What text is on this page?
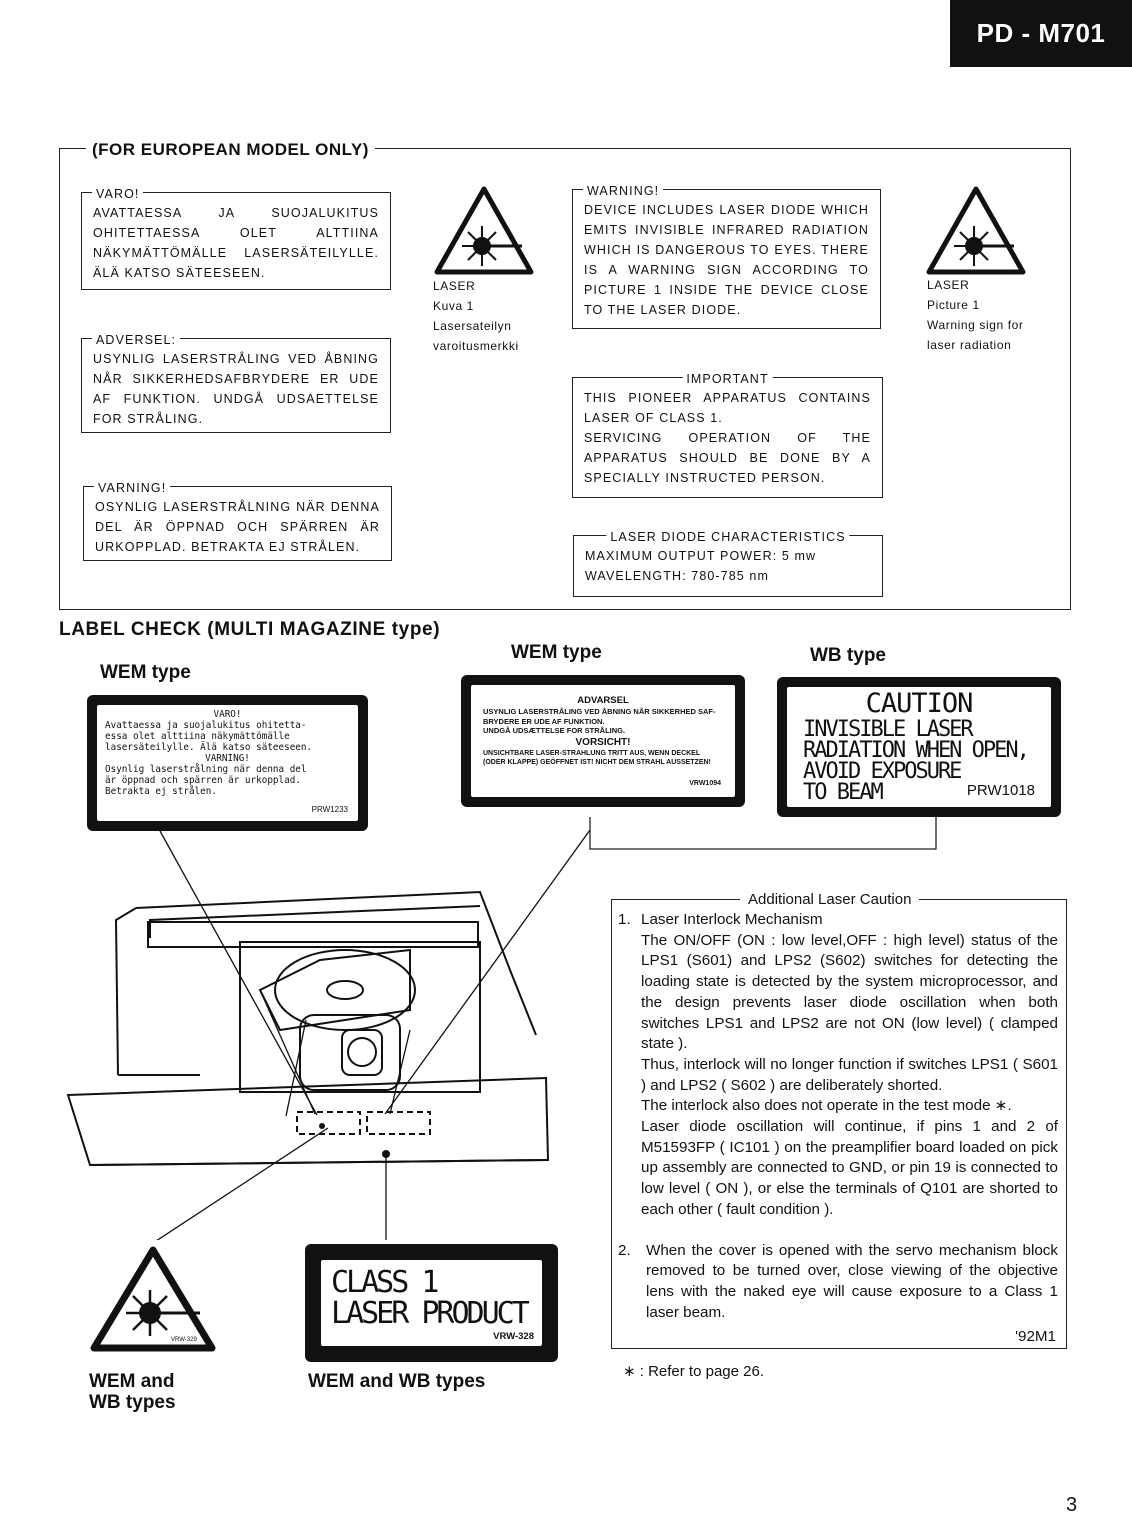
PD - M701
(FOR EUROPEAN MODEL ONLY)
VARO!

AVATTAESSA JA SUOJALUKITUS OHITETTAESSA OLET ALTTIINA NÄKYMÄTTÖMÄLLE LASERSÄTEILYLLE. ÄLÄ KATSO SÄTEESEEN.

ADVERSEL:

USYNLIG LASERSTRÅLING VED ÅBNING NÅR SIKKERHEDSAFBRYDERE ER UDE AF FUNKTION. UNDGÅ UDSAETTELSE FOR STRÅLING.

VARNING!

OSYNLIG LASERSTRÅLNING NÄR DENNA DEL ÄR ÖPPNAD OCH SPÄRREN ÄR URKOPPLAD. BETRAKTA EJ STRÅLEN.

LASER
Kuva 1
Lasersateilyn
varoitusmerkki
WARNING!

DEVICE INCLUDES LASER DIODE WHICH EMITS INVISIBLE INFRARED RADIATION WHICH IS DANGEROUS TO EYES. THERE IS A WARNING SIGN ACCORDING TO PICTURE 1 INSIDE THE DEVICE CLOSE TO THE LASER DIODE.

LASER
Picture 1
Warning sign for
laser radiation
IMPORTANT

THIS PIONEER APPARATUS CONTAINS LASER OF CLASS 1.

SERVICING OPERATION OF THE APPARATUS SHOULD BE DONE BY A SPECIALLY INSTRUCTED PERSON.

LASER DIODE CHARACTERISTICS

MAXIMUM OUTPUT POWER: 5 mw

WAVELENGTH: 780-785 nm

LABEL CHECK (MULTI MAGAZINE type)
WEM type
WEM type	WB type
VARO!
Avattaessa ja suojalukitus ohitetta-
essa olet alttiina näkymättömälle
lasersäteilylle. Älä katso säteeseen.
VARNING!
Osynlig laserstrålning när denna del
är öppnad och spärren är urkopplad.
Betrakta ej strålen.
PRW1233
ADVARSEL
USYNLIG LASERSTRÅLING VED ÅBNING NÅR SIKKERHED SAF-
BRYDERE ER UDE AF FUNKTION.
UNDGÅ UDSÆTTELSE FOR STRÅLING.
VORSICHT!
UNSICHTBARE LASER-STRAHLUNG TRITT AUS, WENN DECKEL
(ODER KLAPPE) GEÖFFNET IST! NICHT DEM STRAHL AUSSETZEN!
VRW1094
CAUTION
INVISIBLE LASER
RADIATION WHEN OPEN,
AVOID EXPOSURE
TO BEAM	PRW1018
VRW-329
CLASS 1
LASER PRODUCT
VRW-328
WEM and
WB types
WEM and WB types
Additional Laser Caution
1. Laser Interlock Mechanism

The ON/OFF (ON : low level,OFF : high level) status of the LPS1 (S601) and LPS2 (S602) switches for detecting the loading state is detected by the system microprocessor, and the design prevents laser diode oscillation when both switches LPS1 and LPS2 are not ON (low level) ( clamped state ).

Thus, interlock will no longer function if switches LPS1 ( S601 ) and LPS2 ( S602 ) are deliberately shorted.

The interlock also does not operate in the test mode ∗.

Laser diode oscillation will continue, if pins 1 and 2 of M51593FP ( IC101 ) on the preamplifier board loaded on pick up assembly are connected to GND, or pin 19 is connected to low level ( ON ), or else the terminals of Q101 are shorted to each other ( fault condition ).

2.	When the cover is opened with the servo mechanism block removed to be turned over, close viewing of the objective lens with the naked eye will cause exposure to a Class 1 laser beam.

'92M1
∗ : Refer to page 26.
3
